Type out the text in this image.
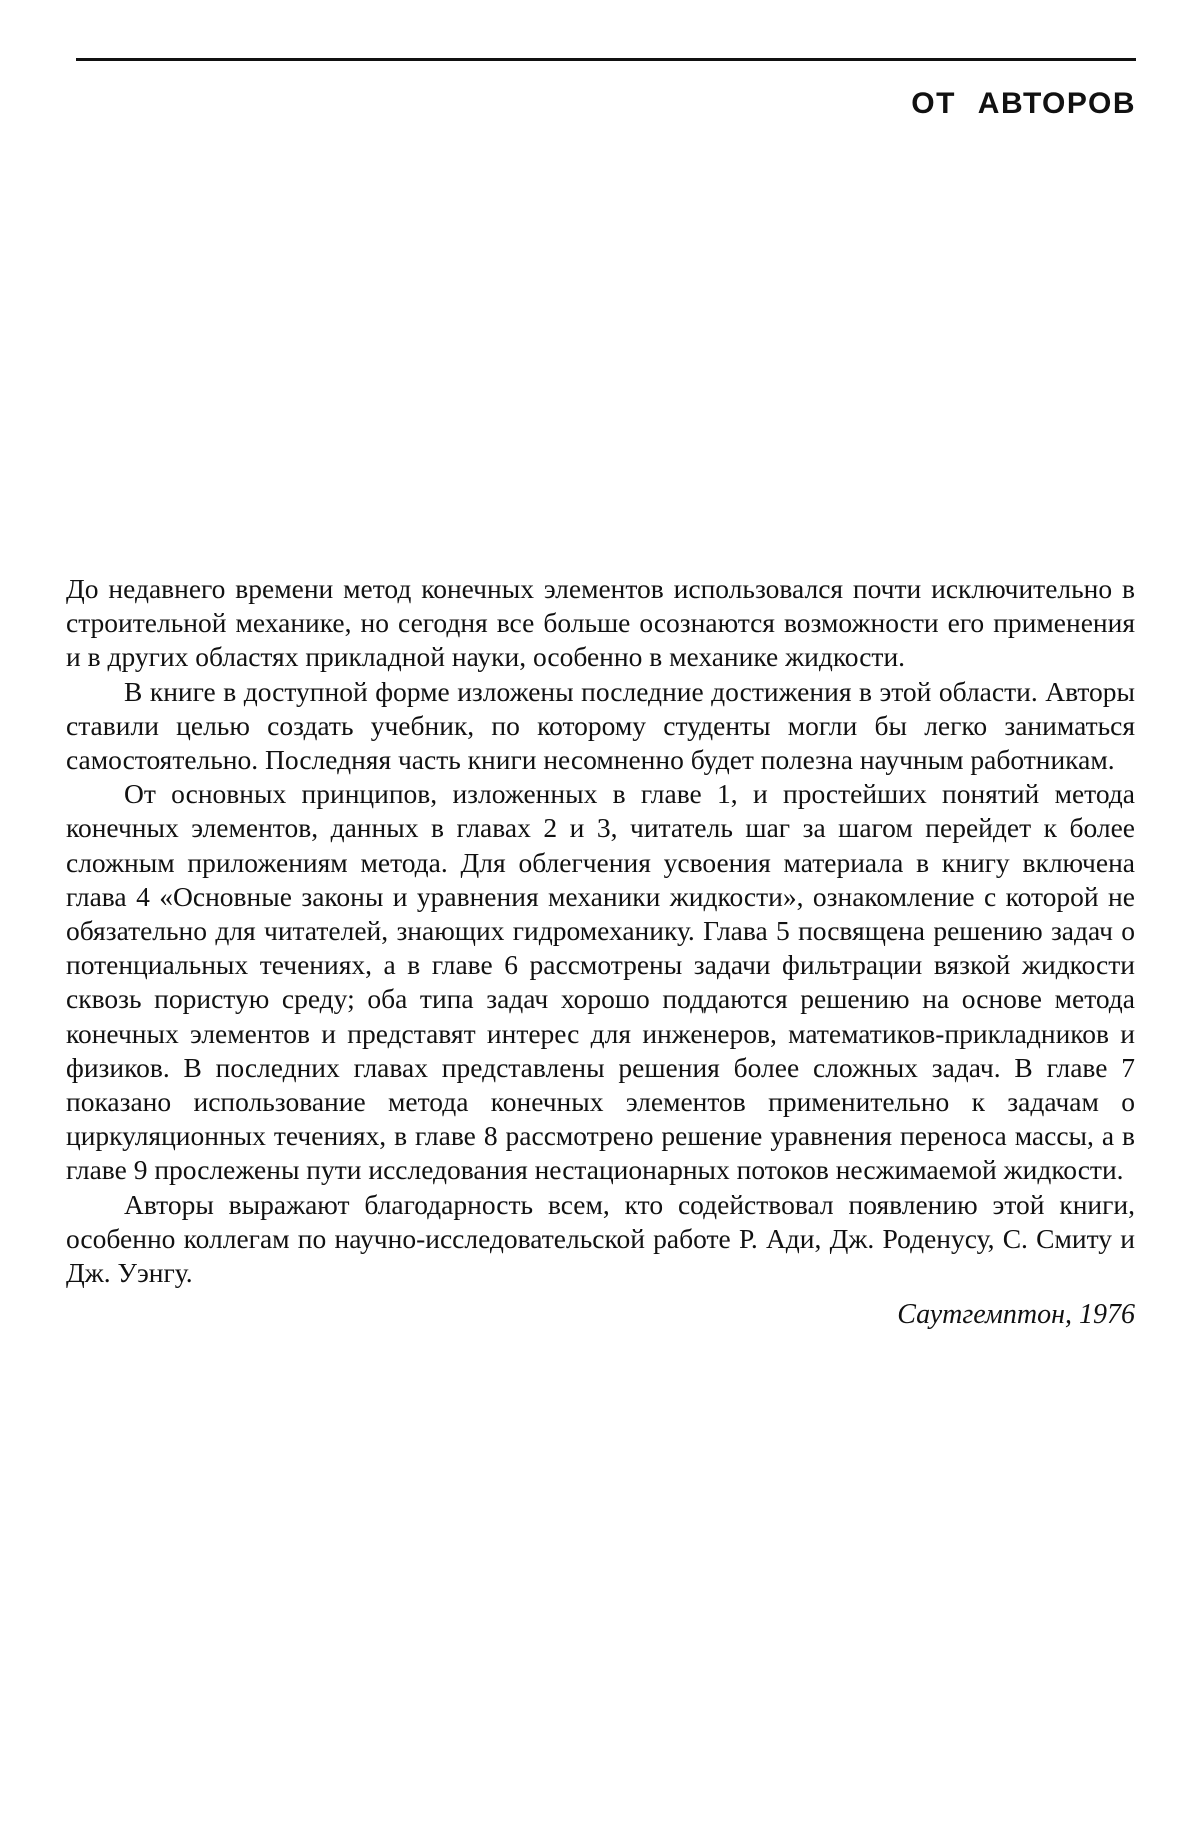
ОТ АВТОРОВ

До недавнего времени метод конечных элементов использовался почти исключительно в строительной механике, но сегодня все больше осознаются возможности его применения и в других областях прикладной науки, особенно в механике жидкости.

В книге в доступной форме изложены последние достижения в этой области. Авторы ставили целью создать учебник, по которому студенты могли бы легко заниматься самостоятельно. Последняя часть книги несомненно будет полезна научным работникам.

От основных принципов, изложенных в главе 1, и простейших понятий метода конечных элементов, данных в главах 2 и 3, читатель шаг за шагом перейдет к более сложным приложениям метода. Для облегчения усвоения материала в книгу включена глава 4 «Основные законы и уравнения механики жидкости», ознакомление с которой не обязательно для читателей, знающих гидромеханику. Глава 5 посвящена решению задач о потенциальных течениях, а в главе 6 рассмотрены задачи фильтрации вязкой жидкости сквозь пористую среду; оба типа задач хорошо поддаются решению на основе метода конечных элементов и представят интерес для инженеров, математиков-прикладников и физиков. В последних главах представлены решения более сложных задач. В главе 7 показано использование метода конечных элементов применительно к задачам о циркуляционных течениях, в главе 8 рассмотрено решение уравнения переноса массы, а в главе 9 прослежены пути исследования нестационарных потоков несжимаемой жидкости.

Авторы выражают благодарность всем, кто содействовал появлению этой книги, особенно коллегам по научно-исследовательской работе Р. Ади, Дж. Роденусу, С. Смиту и Дж. Уэнгу.

Саутгемптон, 1976
